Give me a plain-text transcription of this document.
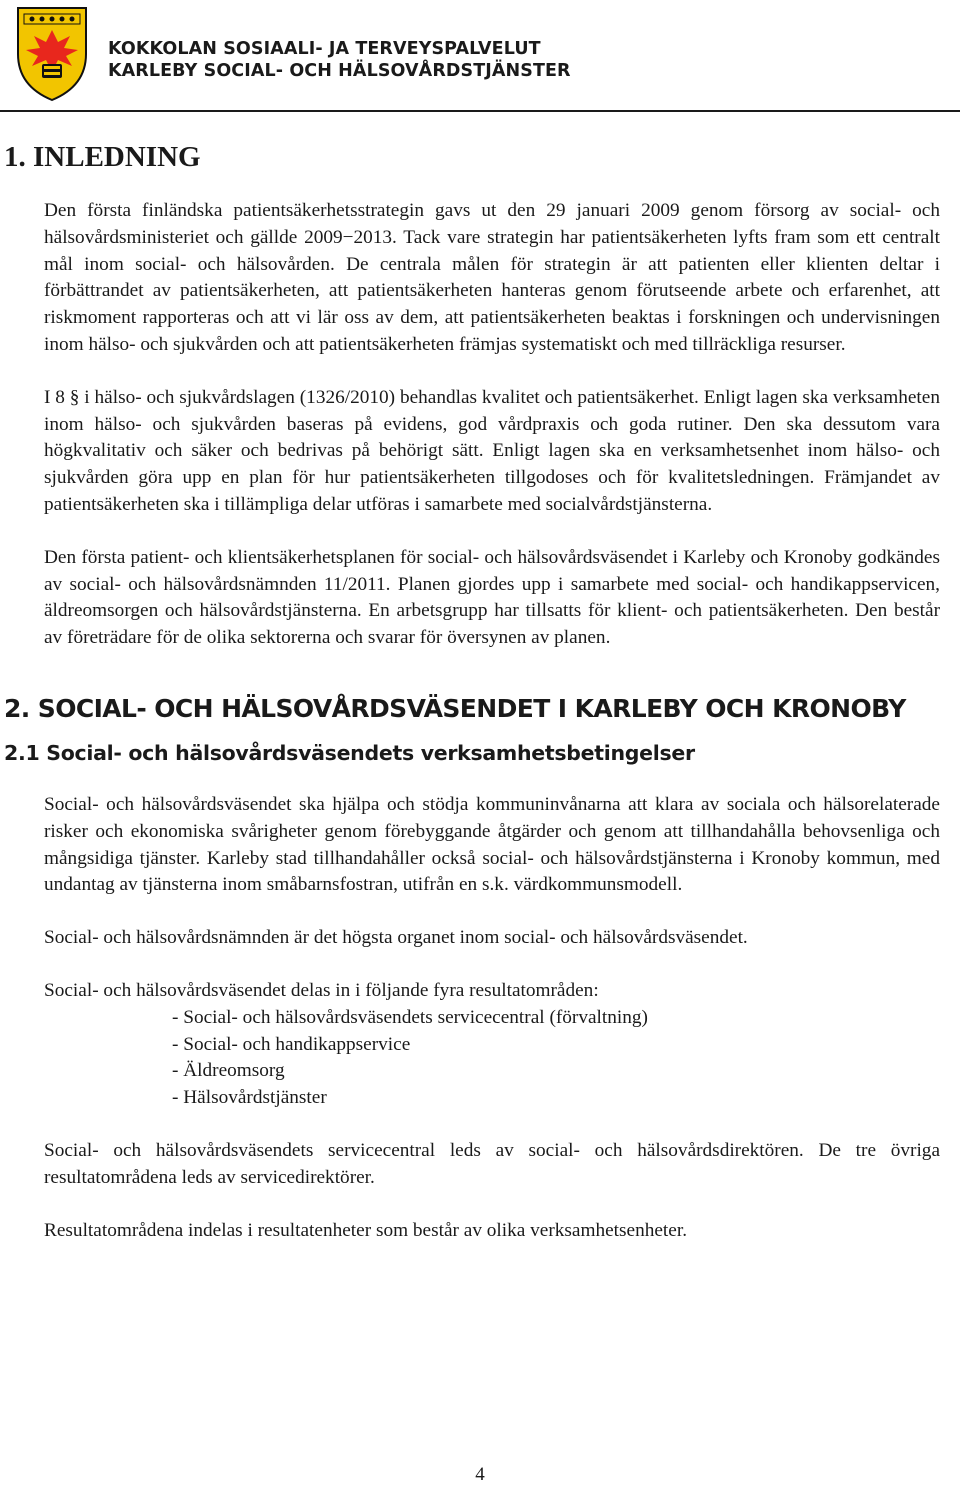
KOKKOLAN SOSIAALI- JA TERVEYSPALVELUT
KARLEBY SOCIAL- OCH HÄLSOVÅRDSTJÄNSTER
1. INLEDNING

Den första finländska patientsäkerhetsstrategin gavs ut den 29 januari 2009 genom försorg av social- och hälsovårdsministeriet och gällde 2009−2013. Tack vare strategin har patientsäkerheten lyfts fram som ett centralt mål inom social- och hälsovården. De centrala målen för strategin är att patienten eller klienten deltar i förbättrandet av patientsäkerheten, att patientsäkerheten hanteras genom förutseende arbete och erfarenhet, att riskmoment rapporteras och att vi lär oss av dem, att patientsäkerheten beaktas i forskningen och undervisningen inom hälso- och sjukvården och att patientsäkerheten främjas systematiskt och med tillräckliga resurser.

I 8 § i hälso- och sjukvårdslagen (1326/2010) behandlas kvalitet och patientsäkerhet. Enligt lagen ska verksamheten inom hälso- och sjukvården baseras på evidens, god vårdpraxis och goda rutiner. Den ska dessutom vara högkvalitativ och säker och bedrivas på behörigt sätt. Enligt lagen ska en verksamhetsenhet inom hälso- och sjukvården göra upp en plan för hur patientsäkerheten tillgodoses och för kvalitetsledningen. Främjandet av patientsäkerheten ska i tillämpliga delar utföras i samarbete med socialvårdstjänsterna.

Den första patient- och klientsäkerhetsplanen för social- och hälsovårdsväsendet i Karleby och Kronoby godkändes av social- och hälsovårdsnämnden 11/2011. Planen gjordes upp i samarbete med social- och handikappservicen, äldreomsorgen och hälsovårdstjänsterna. En arbetsgrupp har tillsatts för klient- och patientsäkerheten. Den består av företrädare för de olika sektorerna och svarar för översynen av planen.

2. SOCIAL- OCH HÄLSOVÅRDSVÄSENDET I KARLEBY OCH KRONOBY
2.1 Social- och hälsovårdsväsendets verksamhetsbetingelser

Social- och hälsovårdsväsendet ska hjälpa och stödja kommuninvånarna att klara av sociala och hälsorelaterade risker och ekonomiska svårigheter genom förebyggande åtgärder och genom att tillhandahålla behovsenliga och mångsidiga tjänster. Karleby stad tillhandahåller också social- och hälsovårdstjänsterna i Kronoby kommun, med undantag av tjänsterna inom småbarnsfostran, utifrån en s.k. värdkommunsmodell.

Social- och hälsovårdsnämnden är det högsta organet inom social- och hälsovårdsväsendet.

Social- och hälsovårdsväsendet delas in i följande fyra resultatområden:

- Social- och hälsovårdsväsendets servicecentral (förvaltning)
- Social- och handikappservice
- Äldreomsorg
- Hälsovårdstjänster

Social- och hälsovårdsväsendets servicecentral leds av social- och hälsovårdsdirektören. De tre övriga resultatområdena leds av servicedirektörer.

Resultatområdena indelas i resultatenheter som består av olika verksamhetsenheter.

4
